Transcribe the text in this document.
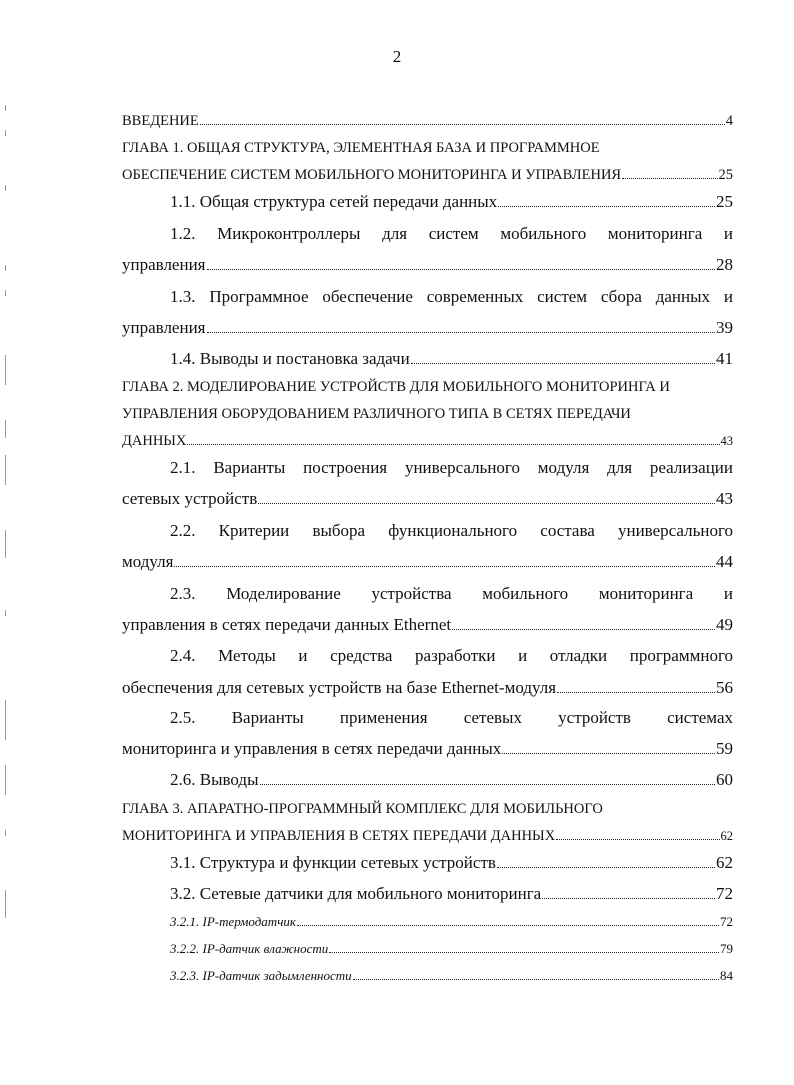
2
ВВЕДЕНИЕ	4
ГЛАВА 1. ОБЩАЯ СТРУКТУРА, ЭЛЕМЕНТНАЯ БАЗА И ПРОГРАММНОЕ
ОБЕСПЕЧЕНИЕ СИСТЕМ МОБИЛЬНОГО МОНИТОРИНГА И УПРАВЛЕНИЯ	25
1.1. Общая структура сетей передачи данных	25
1.2. Микроконтроллеры для систем мобильного мониторинга и
управления	28
1.3. Программное обеспечение современных систем сбора данных и
управления	39
1.4. Выводы и постановка задачи	41
ГЛАВА 2. МОДЕЛИРОВАНИЕ УСТРОЙСТВ ДЛЯ МОБИЛЬНОГО МОНИТОРИНГА И
УПРАВЛЕНИЯ ОБОРУДОВАНИЕМ РАЗЛИЧНОГО ТИПА В СЕТЯХ ПЕРЕДАЧИ
ДАННЫХ	43
2.1. Варианты построения универсального модуля для реализации
сетевых устройств	43
2.2. Критерии выбора функционального состава универсального
модуля	44
2.3. Моделирование устройства мобильного мониторинга и
управления в сетях передачи данных Ethernet	49
2.4. Методы и средства разработки и отладки программного
обеспечения для сетевых устройств на базе Ethernet-модуля	56
2.5. Варианты применения сетевых устройств системах
мониторинга и управления в сетях передачи данных	59
2.6. Выводы	60
ГЛАВА 3. АПАРАТНО-ПРОГРАММНЫЙ КОМПЛЕКС ДЛЯ МОБИЛЬНОГО
МОНИТОРИНГА И УПРАВЛЕНИЯ В СЕТЯХ ПЕРЕДАЧИ ДАННЫХ	62
3.1. Структура и функции сетевых устройств	62
3.2. Сетевые датчики для мобильного мониторинга	72
3.2.1. IP-термодатчик	72
3.2.2. IP-датчик влажности	79
3.2.3. IP-датчик задымленности	84
